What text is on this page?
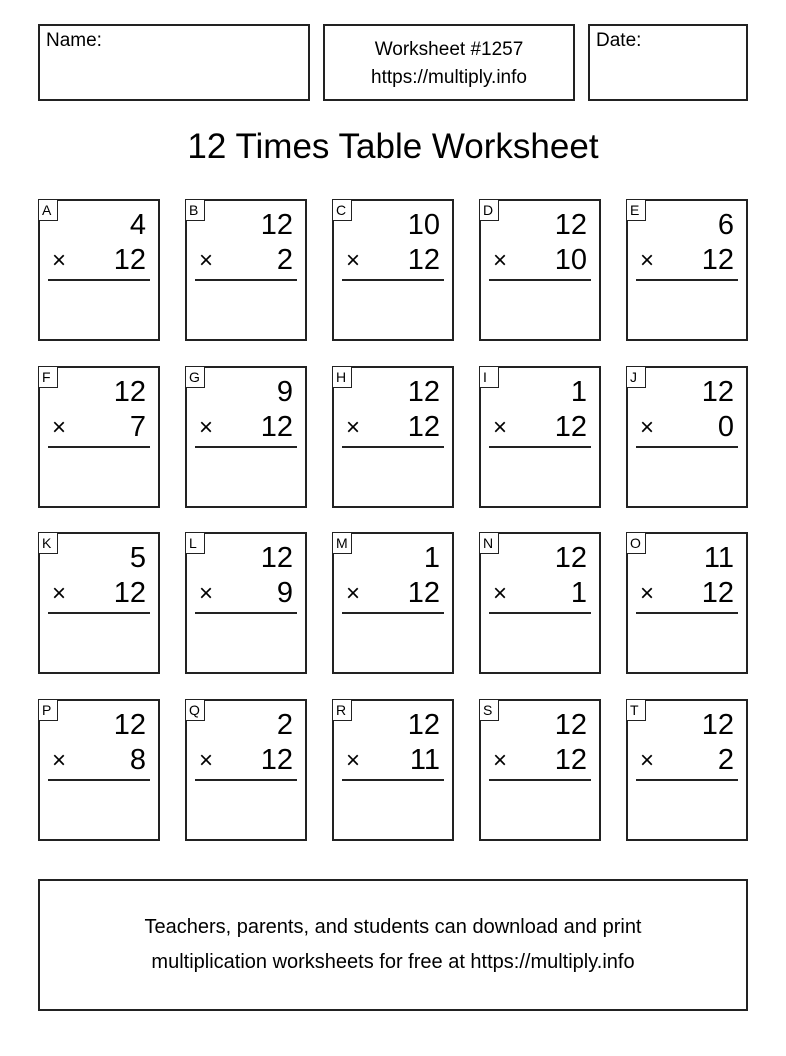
Name:	Worksheet #1257
https://multiply.info
Date:
12 Times Table Worksheet
A	4
× 12
B 12
× 2
C 10
× 12
D 12
× 10
E	6
× 12
F 12
× 7
G	9
× 12
H 12
× 12
I	1
× 12
J	12
× 0
K	5
× 12
L 12
× 9
M	1
× 12
N 12
× 1
O 11
× 12
P 12
× 8
Q	2
× 12
R 12
× 11
S 12
× 12
T 12
× 2
Teachers, parents, and students can download and print
multiplication worksheets for free at https://multiply.info
